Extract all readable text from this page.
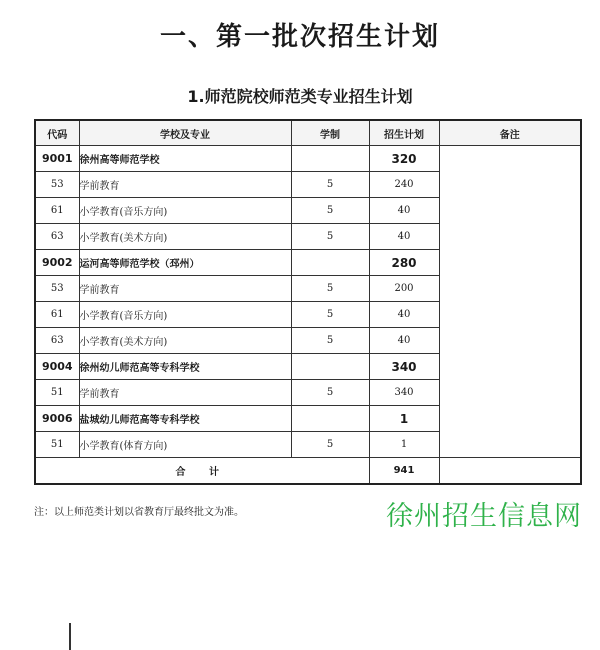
一、第一批次招生计划
1.师范院校师范类专业招生计划
代码	学校及专业	学制	招生计划	备注
9001	徐州高等师范学校		320	

53	学前教育	5	240	

61	小学教育(音乐方向)	5	40	

63	小学教育(美术方向)	5	40	

9002	运河高等师范学校（邳州）		280	

53	学前教育	5	200	

61	小学教育(音乐方向)	5	40	

63	小学教育(美术方向)	5	40	

9004	徐州幼儿师范高等专科学校		340	

51	学前教育	5	340	

9006	盐城幼儿师范高等专科学校		1	

51	小学教育(体育方向)	5	1	

合 计			941	
注：以上师范类计划以省教育厅最终批文为准。	徐州招生信息网
